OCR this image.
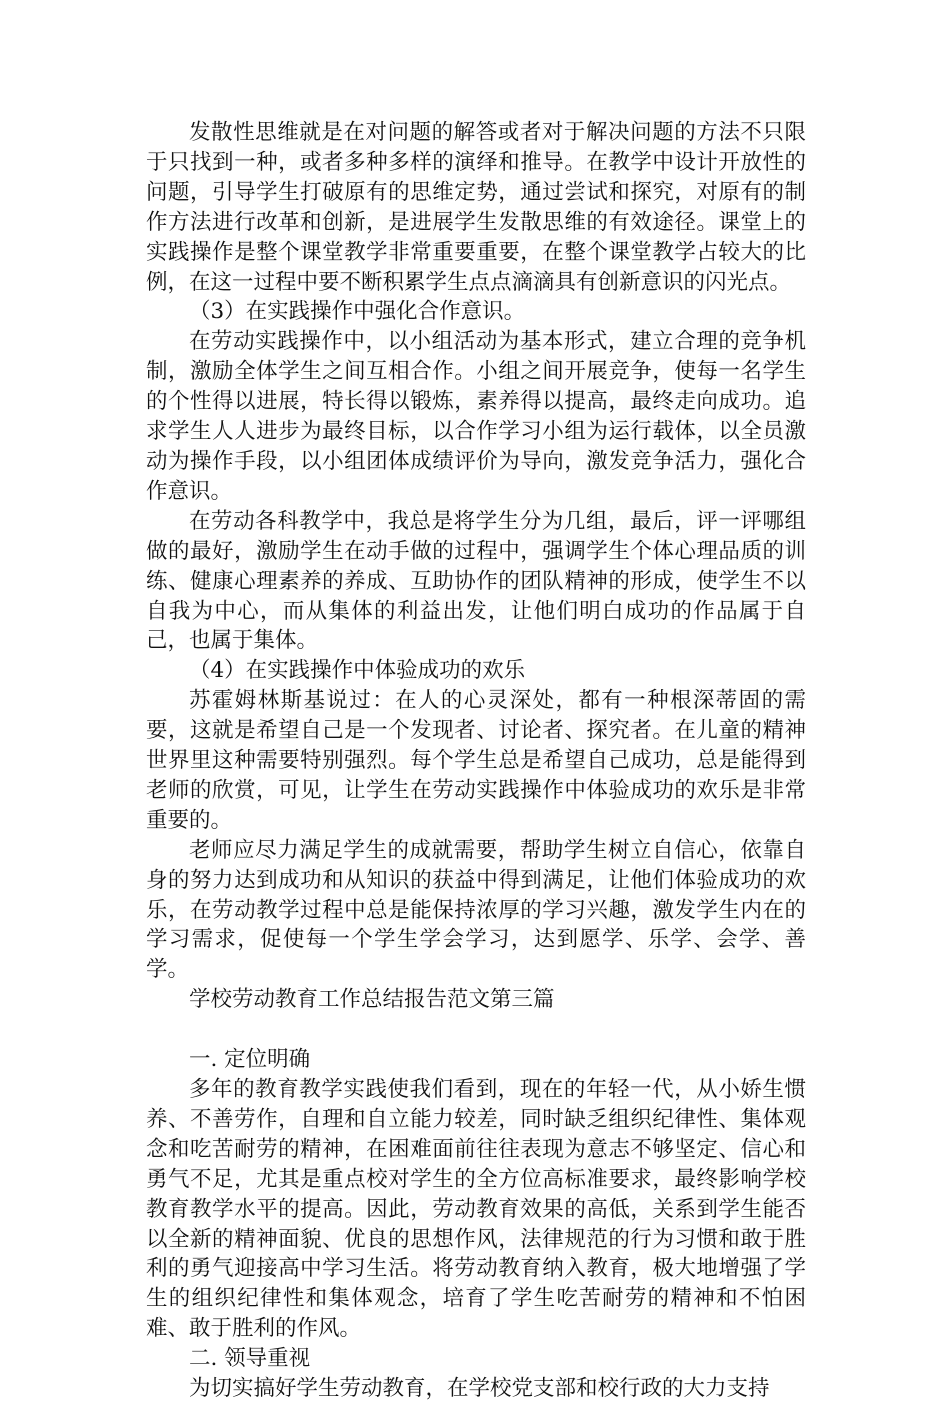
发散性思维就是在对问题的解答或者对于解决问题的方法不只限于只找到一种，或者多种多样的演绎和推导。在教学中设计开放性的问题，引导学生打破原有的思维定势，通过尝试和探究，对原有的制作方法进行改革和创新，是进展学生发散思维的有效途径。课堂上的实践操作是整个课堂教学非常重要重要，在整个课堂教学占较大的比例，在这一过程中要不断积累学生点点滴滴具有创新意识的闪光点。

（3）在实践操作中强化合作意识。

在劳动实践操作中，以小组活动为基本形式，建立合理的竞争机制，激励全体学生之间互相合作。小组之间开展竞争，使每一名学生的个性得以进展，特长得以锻炼，素养得以提高，最终走向成功。追求学生人人进步为最终目标，以合作学习小组为运行载体，以全员激动为操作手段，以小组团体成绩评价为导向，激发竞争活力，强化合作意识。

在劳动各科教学中，我总是将学生分为几组，最后，评一评哪组做的最好，激励学生在动手做的过程中，强调学生个体心理品质的训练、健康心理素养的养成、互助协作的团队精神的形成，使学生不以自我为中心，而从集体的利益出发，让他们明白成功的作品属于自己，也属于集体。

（4）在实践操作中体验成功的欢乐

苏霍姆林斯基说过：在人的心灵深处，都有一种根深蒂固的需要，这就是希望自己是一个发现者、讨论者、探究者。在儿童的精神世界里这种需要特别强烈。每个学生总是希望自己成功，总是能得到老师的欣赏，可见，让学生在劳动实践操作中体验成功的欢乐是非常重要的。

老师应尽力满足学生的成就需要，帮助学生树立自信心，依靠自身的努力达到成功和从知识的获益中得到满足，让他们体验成功的欢乐，在劳动教学过程中总是能保持浓厚的学习兴趣，激发学生内在的学习需求，促使每一个学生学会学习，达到愿学、乐学、会学、善学。

学校劳动教育工作总结报告范文第三篇

一. 定位明确

多年的教育教学实践使我们看到，现在的年轻一代，从小娇生惯养、不善劳作，自理和自立能力较差，同时缺乏组织纪律性、集体观念和吃苦耐劳的精神，在困难面前往往表现为意志不够坚定、信心和勇气不足，尤其是重点校对学生的全方位高标准要求，最终影响学校教育教学水平的提高。因此，劳动教育效果的高低，关系到学生能否以全新的精神面貌、优良的思想作风，法律规范的行为习惯和敢于胜利的勇气迎接高中学习生活。将劳动教育纳入教育，极大地增强了学生的组织纪律性和集体观念，培育了学生吃苦耐劳的精神和不怕困难、敢于胜利的作风。

二. 领导重视

为切实搞好学生劳动教育，在学校党支部和校行政的大力支持
